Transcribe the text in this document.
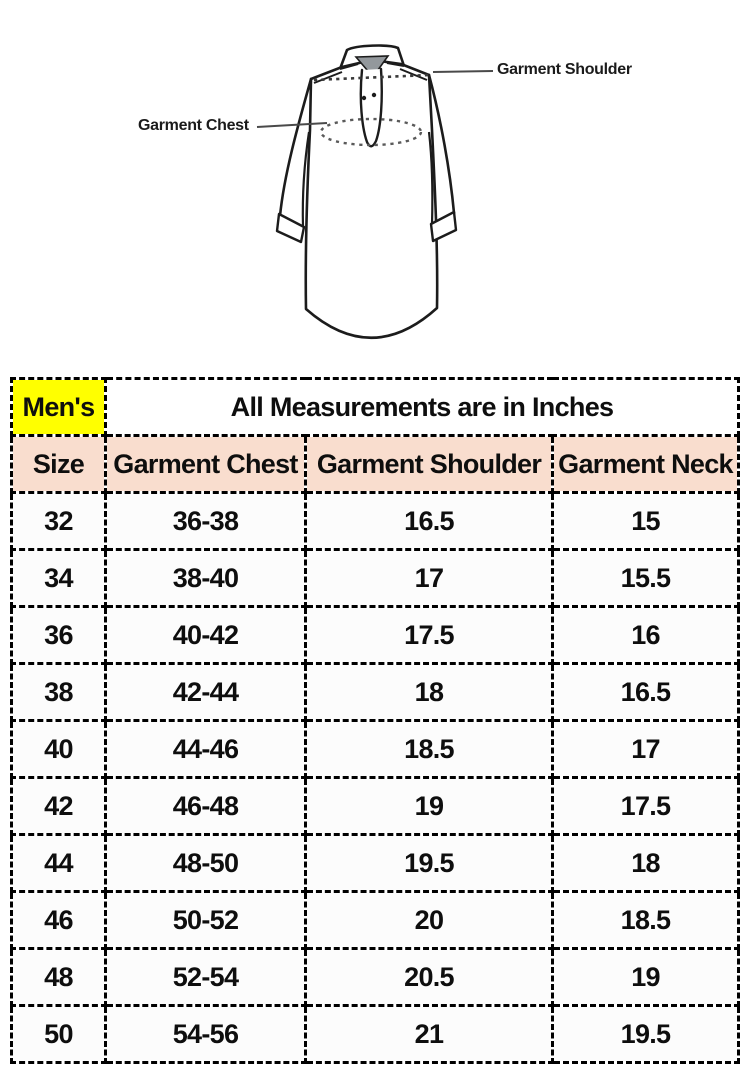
Garment Shoulder
Garment Chest
Men's	All Measurements are in Inches		
Size	Garment Chest	Garment Shoulder	Garment Neck
32	36-38	16.5	15
34	38-40	17	15.5
36	40-42	17.5	16
38	42-44	18	16.5
40	44-46	18.5	17
42	46-48	19	17.5
44	48-50	19.5	18
46	50-52	20	18.5
48	52-54	20.5	19
50	54-56	21	19.5
